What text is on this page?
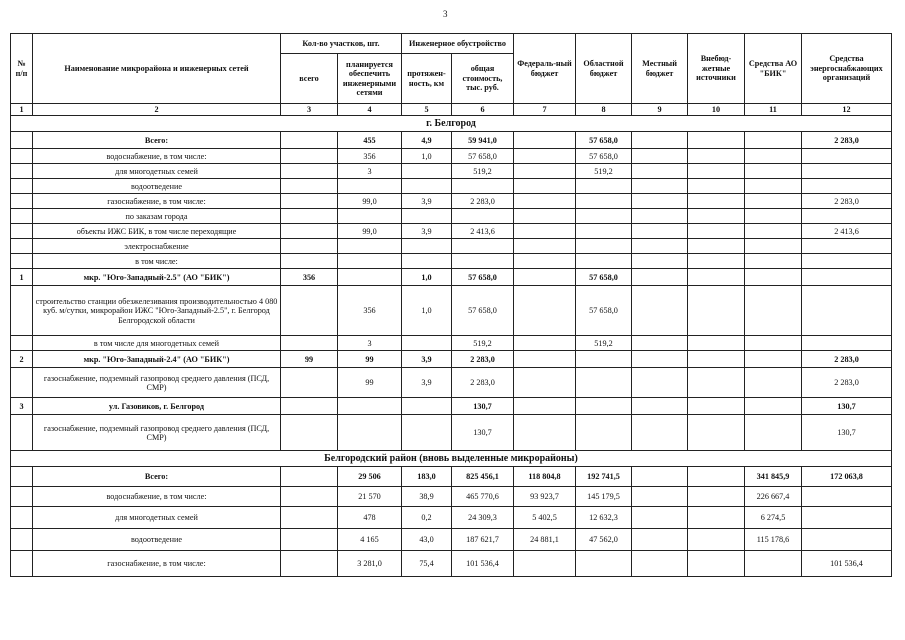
3
№ п/п	Наименование микрорайона и инженерных сетей	Кол-во участков, шт.		Инженерное обустройство		Федераль-ный бюджет	Областной бюджет	Местный бюджет	Внебюд-жетные источники	Средства АО "БИК"	Средства энергоснабжающих организаций
		всего	планируется обеспечить инженерными сетями	протяжен-ность, км	общая стоимость, тыс. руб.						
1	2	3	4	5	6	7	8	9	10	11	12
г. Белгород											
	Всего:		455	4,9	59 941,0		57 658,0				2 283,0
	водоснабжение, в том числе:		356	1,0	57 658,0		57 658,0				
	для многодетных семей		3		519,2		519,2				
	водоотведение										
	газоснабжение, в том числе:		99,0	3,9	2 283,0						2 283,0
	по заказам города										
	объекты ИЖС БИК, в том числе переходящие		99,0	3,9	2 413,6						2 413,6
	электроснабжение										
	в том числе:										
1	мкр. "Юго-Западный-2.5" (АО "БИК")	356		1,0	57 658,0		57 658,0				
	строительство станции обезжелезивания производительностью 4 080 куб. м/сутки, микрорайон ИЖС "Юго-Западный-2.5", г. Белгород Белгородской области		356	1,0	57 658,0		57 658,0				
	в том числе для многодетных семей		3		519,2		519,2				
2	мкр. "Юго-Западный-2.4" (АО "БИК")	99	99	3,9	2 283,0						2 283,0
	газоснабжение, подземный газопровод среднего давления (ПСД, СМР)		99	3,9	2 283,0						2 283,0
3	ул. Газовиков, г. Белгород				130,7						130,7
	газоснабжение, подземный газопровод среднего давления (ПСД, СМР)				130,7						130,7
Белгородский район (вновь выделенные микрорайоны)											
	Всего:		29 506	183,0	825 456,1	118 804,8	192 741,5			341 845,9	172 063,8
	водоснабжение, в том числе:		21 570	38,9	465 770,6	93 923,7	145 179,5			226 667,4	
	для многодетных семей		478	0,2	24 309,3	5 402,5	12 632,3			6 274,5	
	водоотведение		4 165	43,0	187 621,7	24 881,1	47 562,0			115 178,6	
	газоснабжение, в том числе:		3 281,0	75,4	101 536,4						101 536,4
